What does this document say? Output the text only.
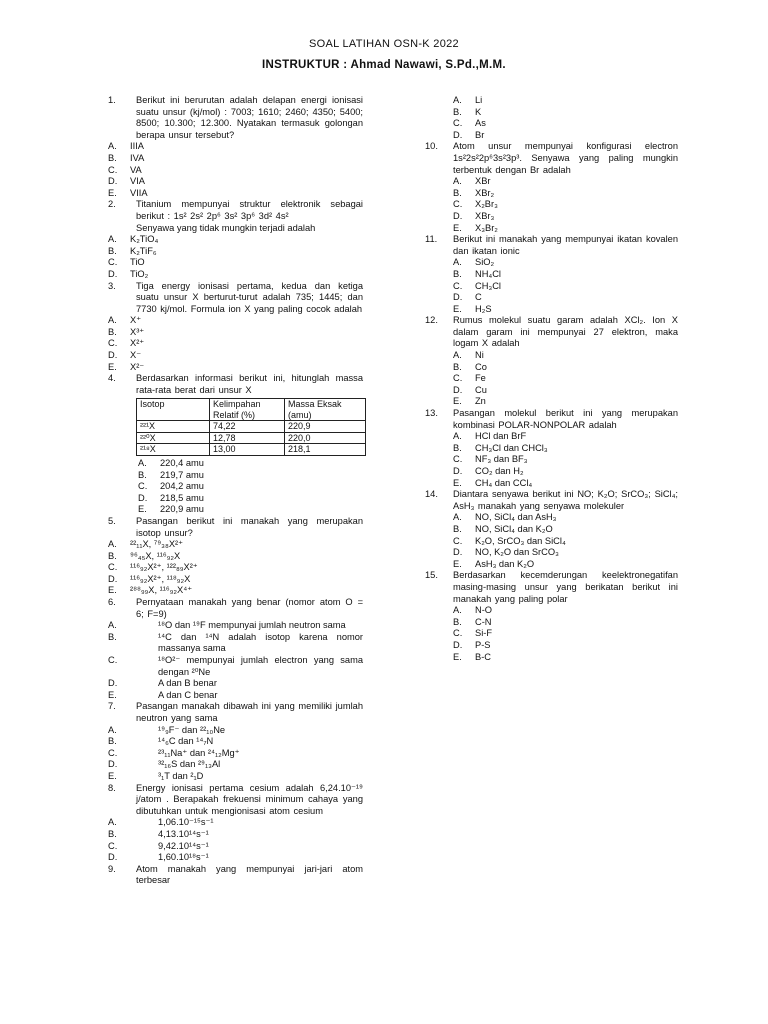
SOAL LATIHAN OSN-K 2022
INSTRUKTUR : Ahmad Nawawi, S.Pd.,M.M.
1. Berikut ini berurutan adalah delapan energi ionisasi suatu unsur (kj/mol) : 7003; 1610; 2460; 4350; 5400; 8500; 10.300; 12.300. Nyatakan termasuk golongan berapa unsur tersebut?
A. IIIA
B. IVA
C. VA
D. VIA
E. VIIA
2. Titanium mempunyai struktur elektronik sebagai berikut : 1s² 2s² 2p⁶ 3s² 3p⁶ 3d² 4s²
Senyawa yang tidak mungkin terjadi adalah
A. K₂TiO₄
B. K₂TiF₆
C. TiO
D. TiO₂
3. Tiga energy ionisasi pertama, kedua dan ketiga suatu unsur X berturut-turut adalah 735; 1445; dan 7730 kj/mol. Formula ion X yang paling cocok adalah
A. X⁺
B. X³⁺
C. X²⁺
D. X⁻
E. X²⁻
4. Berdasarkan informasi berikut ini, hitunglah massa rata-rata berat dari unsur X
Isotop	Kelimpahan Relatif (%)	Massa Eksak (amu)
²²¹X	74,22	220,9
²²⁰X	12,78	220,0
²¹⁸X	13,00	218,1
A. 220,4 amu
B. 219,7 amu
C. 204,2 amu
D. 218,5 amu
E. 220,9 amu
5. Pasangan berikut ini manakah yang merupakan isotop unsur?
A. ²²₁₁X, ⁷⁹₃₈X²⁺
B. ⁹⁶₄₅X, ¹¹⁶₉₂X
C. ¹¹⁶₉₂X²⁺, ¹²²₈₉X²⁺
D. ¹¹⁶₉₂X²⁺, ¹¹⁸₉₂X
E. ²⁸⁸₉₉X, ¹¹⁶₉₂X⁴⁺
6. Pernyataan manakah yang benar (nomor atom O = 6; F=9)
A.	¹⁸O dan ¹⁹F mempunyai jumlah neutron sama
B.	¹⁴C dan ¹⁴N adalah isotop karena nomor massanya sama
C.	¹⁸O²⁻ mempunyai jumlah electron yang sama dengan ²⁰Ne
D.	A dan B benar
E.	A dan C benar
7. Pasangan manakah dibawah ini yang memiliki jumlah neutron yang sama
A.	¹⁹₉F⁻ dan ²²₁₀Ne
B.	¹⁴₆C dan ¹⁴₇N
C.	²³₁₁Na⁺ dan ²⁴₁₂Mg⁺
D.	³²₁₆S dan ²⁹₁₃Al
E.	³₁T dan ²₁D
8. Energy ionisasi pertama cesium adalah 6,24.10⁻¹⁹ j/atom . Berapakah frekuensi minimum cahaya yang dibutuhkan untuk mengionisasi atom cesium
A.	1,06.10⁻¹⁵s⁻¹
B.	4,13.10¹⁴s⁻¹
C.	9,42.10¹⁴s⁻¹
D.	1,60.10¹⁸s⁻¹
9. Atom manakah yang mempunyai jari-jari atom terbesar
A. Li
B. K
C. As
D. Br
10. Atom unsur mempunyai konfigurasi electron 1s²2s²2p⁶3s²3p³. Senyawa yang paling mungkin terbentuk dengan Br adalah
A. XBr
B. XBr₂
C. X₂Br₃
D. XBr₃
E. X₃Br₂
11. Berikut ini manakah yang mempunyai ikatan kovalen dan ikatan ionic
A. SiO₂
B. NH₄Cl
C. CH₃Cl
D. C
E. H₂S
12. Rumus molekul suatu garam adalah XCl₂. Ion X dalam garam ini mempunyai 27 elektron, maka logam X adalah
A. Ni
B. Co
C. Fe
D. Cu
E. Zn
13. Pasangan molekul berikut ini yang merupakan kombinasi POLAR-NONPOLAR adalah
A. HCl dan BrF
B. CH₃Cl dan CHCl₃
C. NF₃ dan BF₃
D. CO₂ dan H₂
E. CH₄ dan CCl₄
14. Diantara senyawa berikut ini NO; K₂O; SrCO₃; SiCl₄; AsH₃ manakah yang senyawa molekuler
A. NO, SiCl₄ dan AsH₃
B. NO, SiCl₄ dan K₂O
C. K₂O, SrCO₃ dan SiCl₄
D. NO, K₂O dan SrCO₃
E. AsH₃ dan K₂O
15. Berdasarkan kecemderungan keelektronegatifan masing-masing unsur yang berikatan berikut ini manakah yang paling polar
A. N-O
B. C-N
C. Si-F
D. P-S
E. B-C
